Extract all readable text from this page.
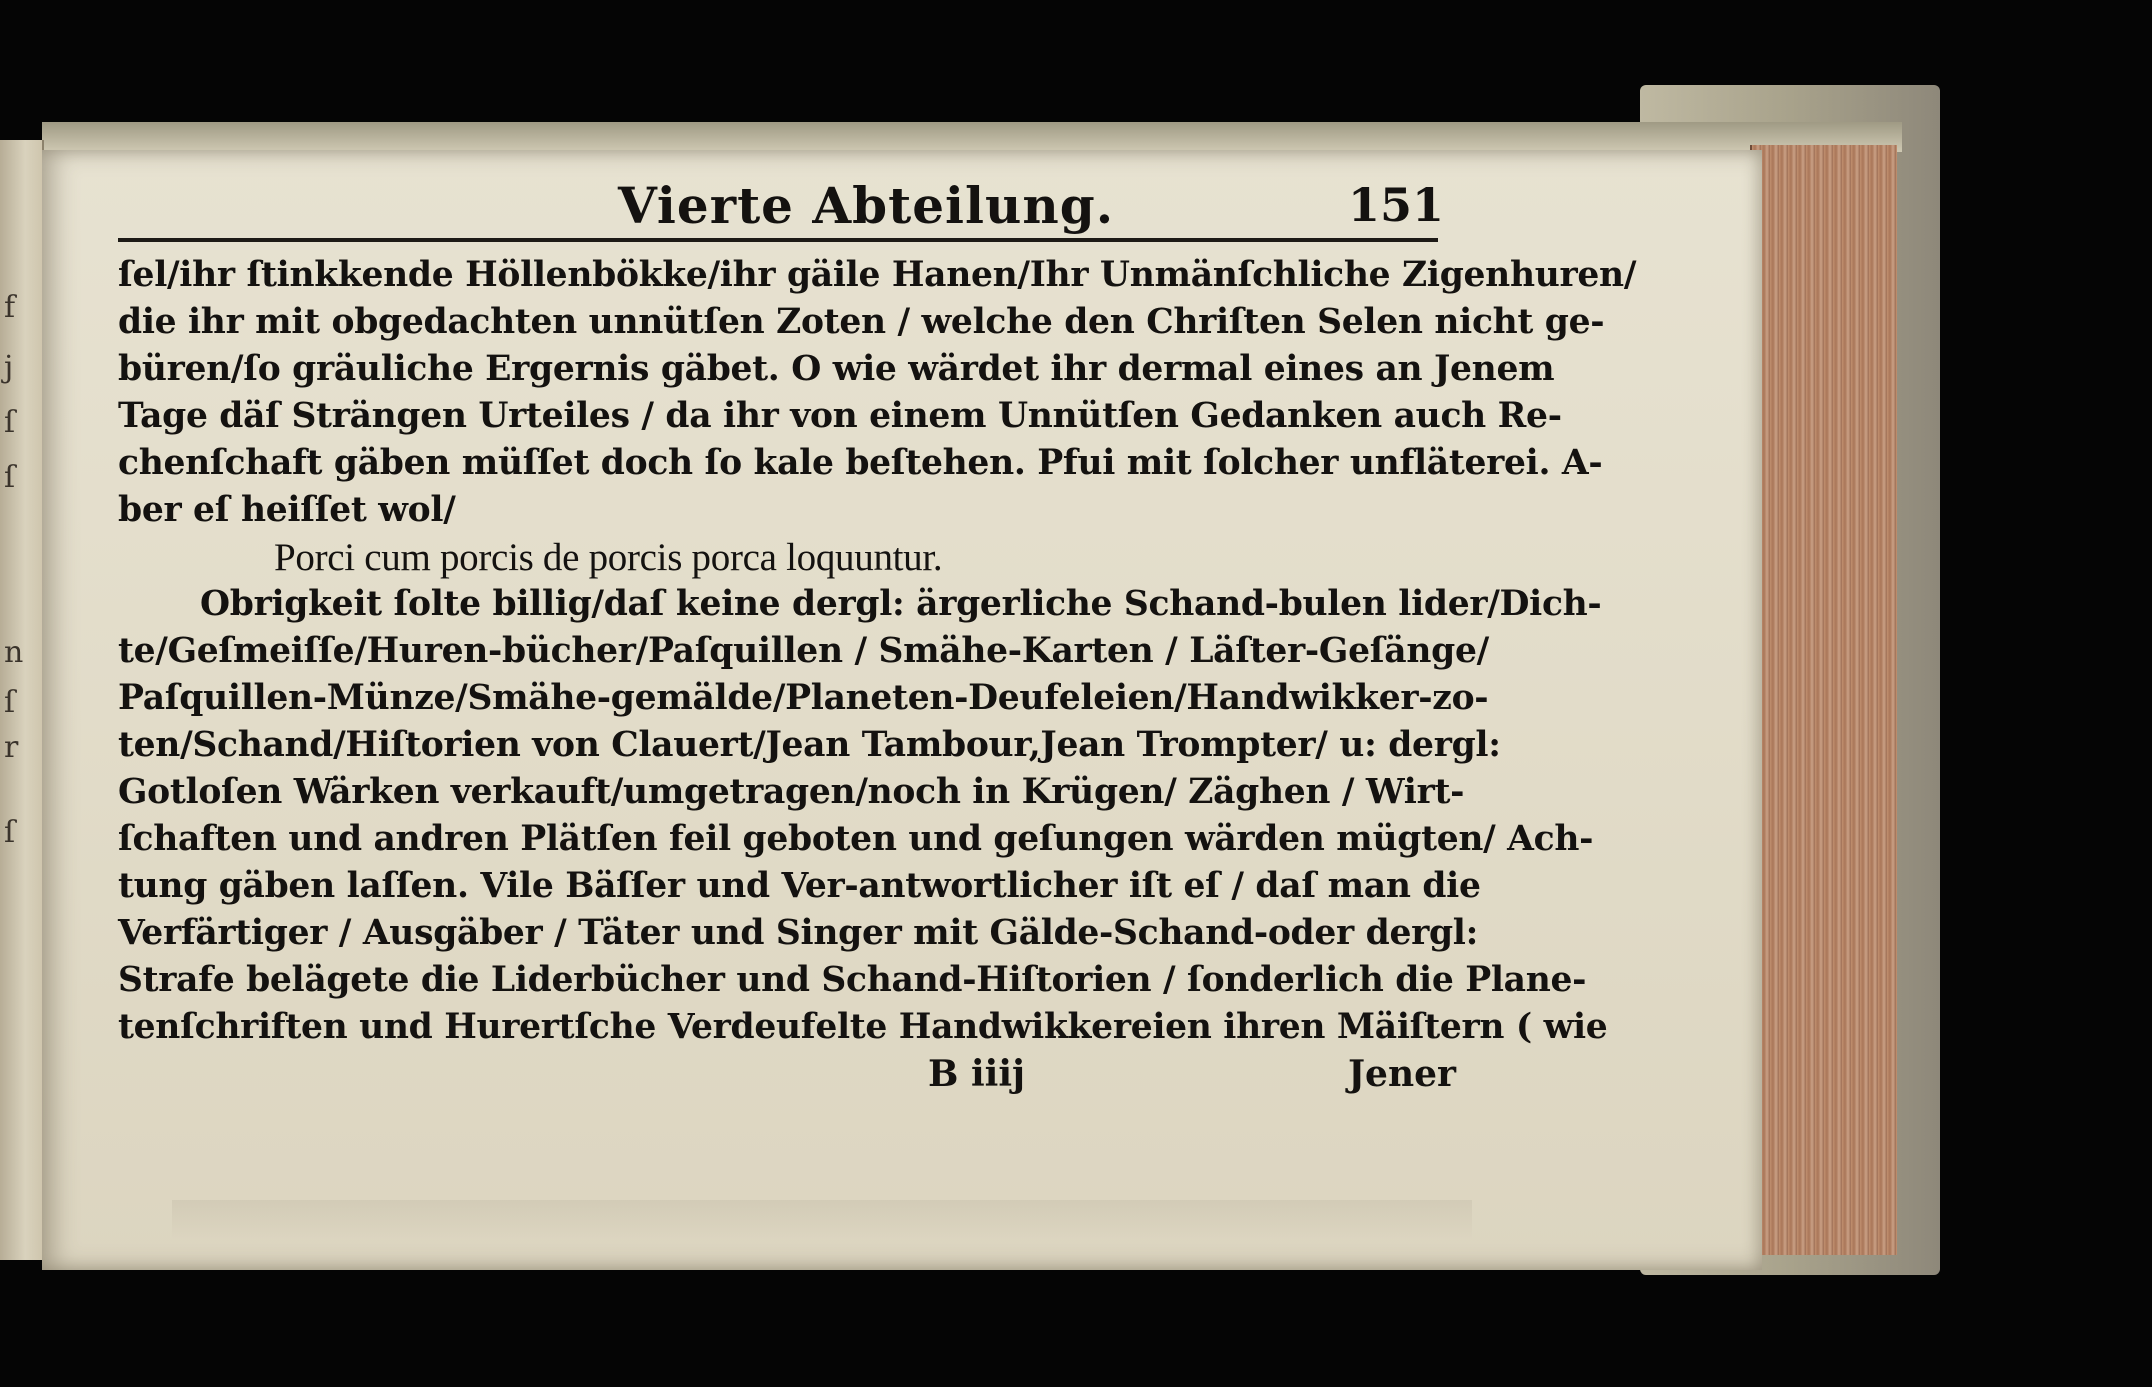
f
j
ſ
ſ
n
ſ
r
ſ
Vierte Abteilung.	151
ſel/ihr ſtinkkende Höllenbökke/ihr gäile Hanen/Ihr Unmänſchliche Zigenhuren/
die ihr mit obgedachten unnütſen Zoten / welche den Chriſten Selen nicht ge-
büren/ſo gräuliche Ergernis gäbet. O wie wärdet ihr dermal eines an Jenem
Tage däſ Strängen Urteiles / da ihr von einem Unnütſen Gedanken auch Re-
chenſchaft gäben müſſet doch ſo kale beſtehen. Pfui mit ſolcher unfläterei. A-
ber eſ heiſſet wol/
Porci cum porcis de porcis porca loquuntur.
Obrigkeit ſolte billig/daſ keine dergl: ärgerliche Schand-bulen lider/Dich-
te/Geſmeiſſe/Huren-bücher/Paſquillen / Smähe-Karten / Läſter-Geſänge/
Paſquillen-Münze/Smähe-gemälde/Planeten-Deufeleien/Handwikker-zo-
ten/Schand/Hiſtorien von Clauert/Jean Tambour,Jean Trompter/ u: dergl:
Gotloſen Wärken verkauft/umgetragen/noch in Krügen/ Zäghen / Wirt-
ſchaften und andren Plätſen feil geboten und geſungen wärden mügten/ Ach-
tung gäben laſſen. Vile Bäſſer und Ver-antwortlicher iſt eſ / daſ man die
Verfärtiger / Ausgäber / Täter und Singer mit Gälde-Schand-oder dergl:
Strafe belägete die Liderbücher und Schand-Hiſtorien / ſonderlich die Plane-
tenſchriften und Hurertſche Verdeufelte Handwikkereien ihren Mäiſtern ( wie
B iiij	Jener
